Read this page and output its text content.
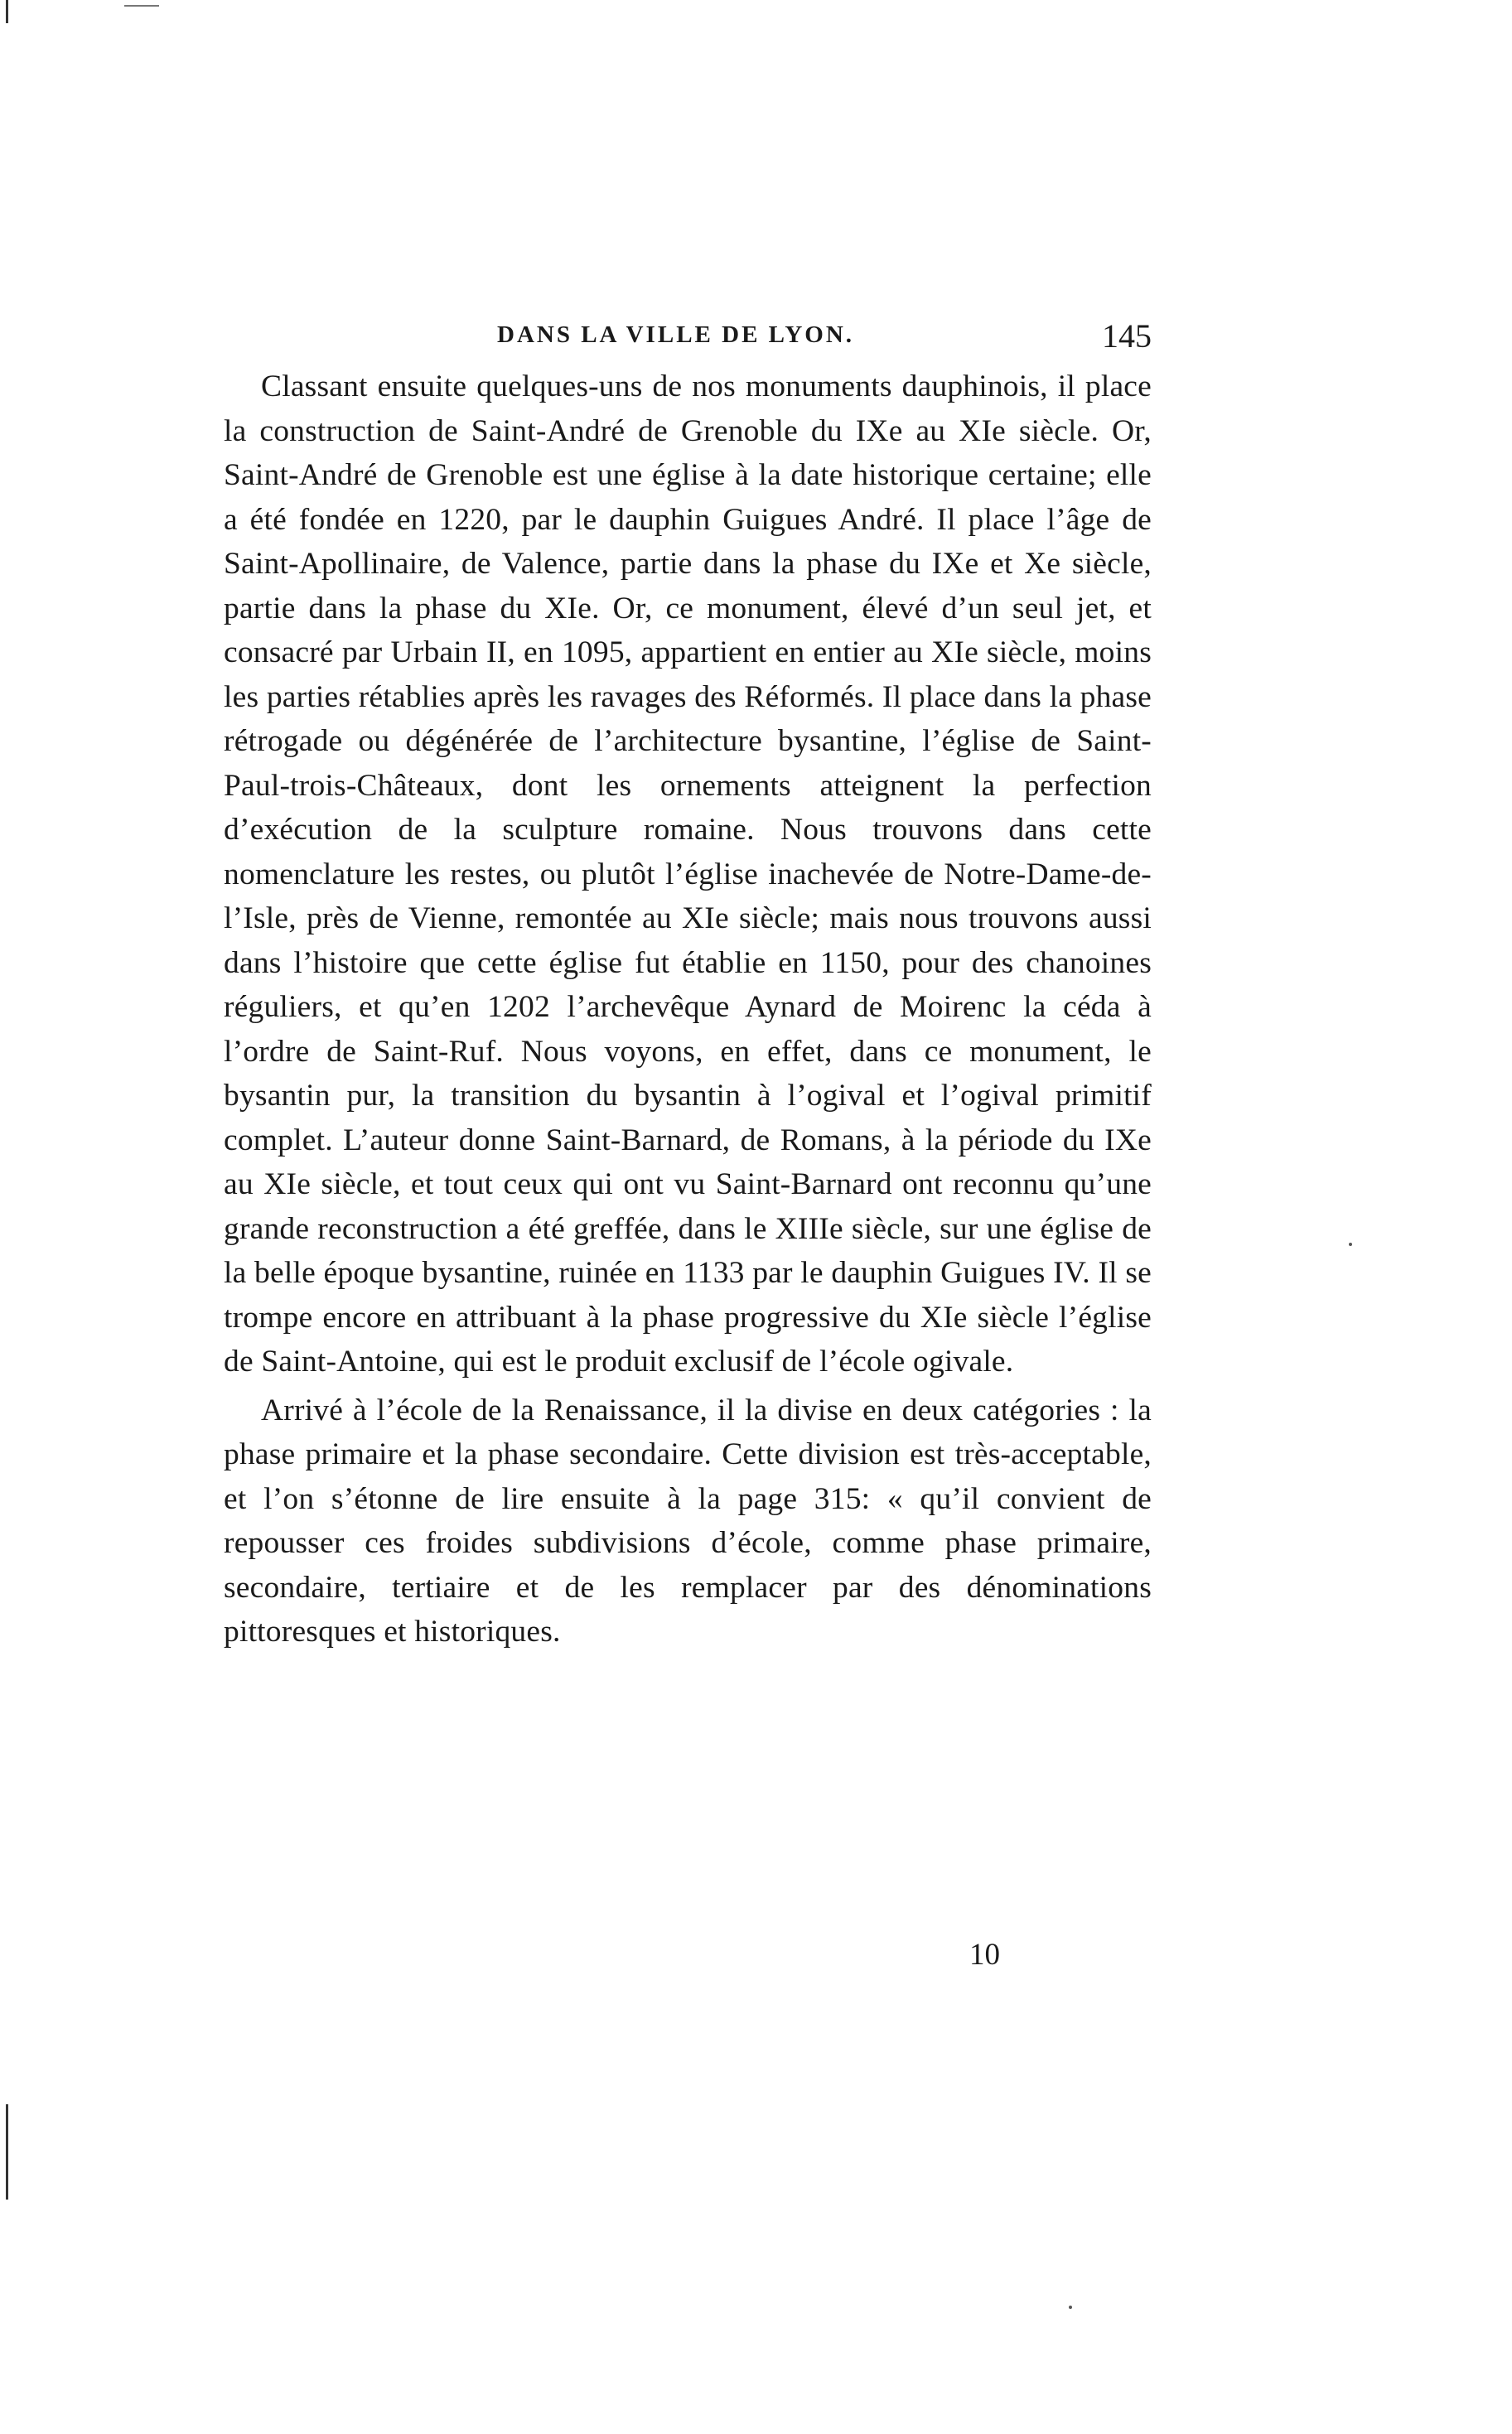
DANS LA VILLE DE LYON.	145

Classant ensuite quelques-uns de nos monuments dauphinois, il place la construction de Saint-André de Grenoble du IXe au XIe siècle. Or, Saint-André de Grenoble est une église à la date historique certaine; elle a été fondée en 1220, par le dauphin Guigues André. Il place l’âge de Saint-Apollinaire, de Valence, partie dans la phase du IXe et Xe siècle, partie dans la phase du XIe. Or, ce monument, élevé d’un seul jet, et consacré par Urbain II, en 1095, appartient en entier au XIe siècle, moins les parties rétablies après les ravages des Réformés. Il place dans la phase rétrogade ou dégénérée de l’architecture bysantine, l’église de Saint-Paul-trois-Châteaux, dont les ornements atteignent la perfection d’exécution de la sculpture romaine. Nous trouvons dans cette nomenclature les restes, ou plutôt l’église inachevée de Notre-Dame-de-l’Isle, près de Vienne, remontée au XIe siècle; mais nous trouvons aussi dans l’histoire que cette église fut établie en 1150, pour des chanoines réguliers, et qu’en 1202 l’archevêque Aynard de Moirenc la céda à l’ordre de Saint-Ruf. Nous voyons, en effet, dans ce monument, le bysantin pur, la transition du bysantin à l’ogival et l’ogival primitif complet. L’auteur donne Saint-Barnard, de Romans, à la période du IXe au XIe siècle, et tout ceux qui ont vu Saint-Barnard ont reconnu qu’une grande reconstruction a été greffée, dans le XIIIe siècle, sur une église de la belle époque bysantine, ruinée en 1133 par le dauphin Guigues IV. Il se trompe encore en attribuant à la phase progressive du XIe siècle l’église de Saint-Antoine, qui est le produit exclusif de l’école ogivale.

Arrivé à l’école de la Renaissance, il la divise en deux catégories : la phase primaire et la phase secondaire. Cette division est très-acceptable, et l’on s’étonne de lire ensuite à la page 315: « qu’il convient de repousser ces froides subdivisions d’école, comme phase primaire, secondaire, tertiaire et de les remplacer par des dénominations pittoresques et historiques.

10
